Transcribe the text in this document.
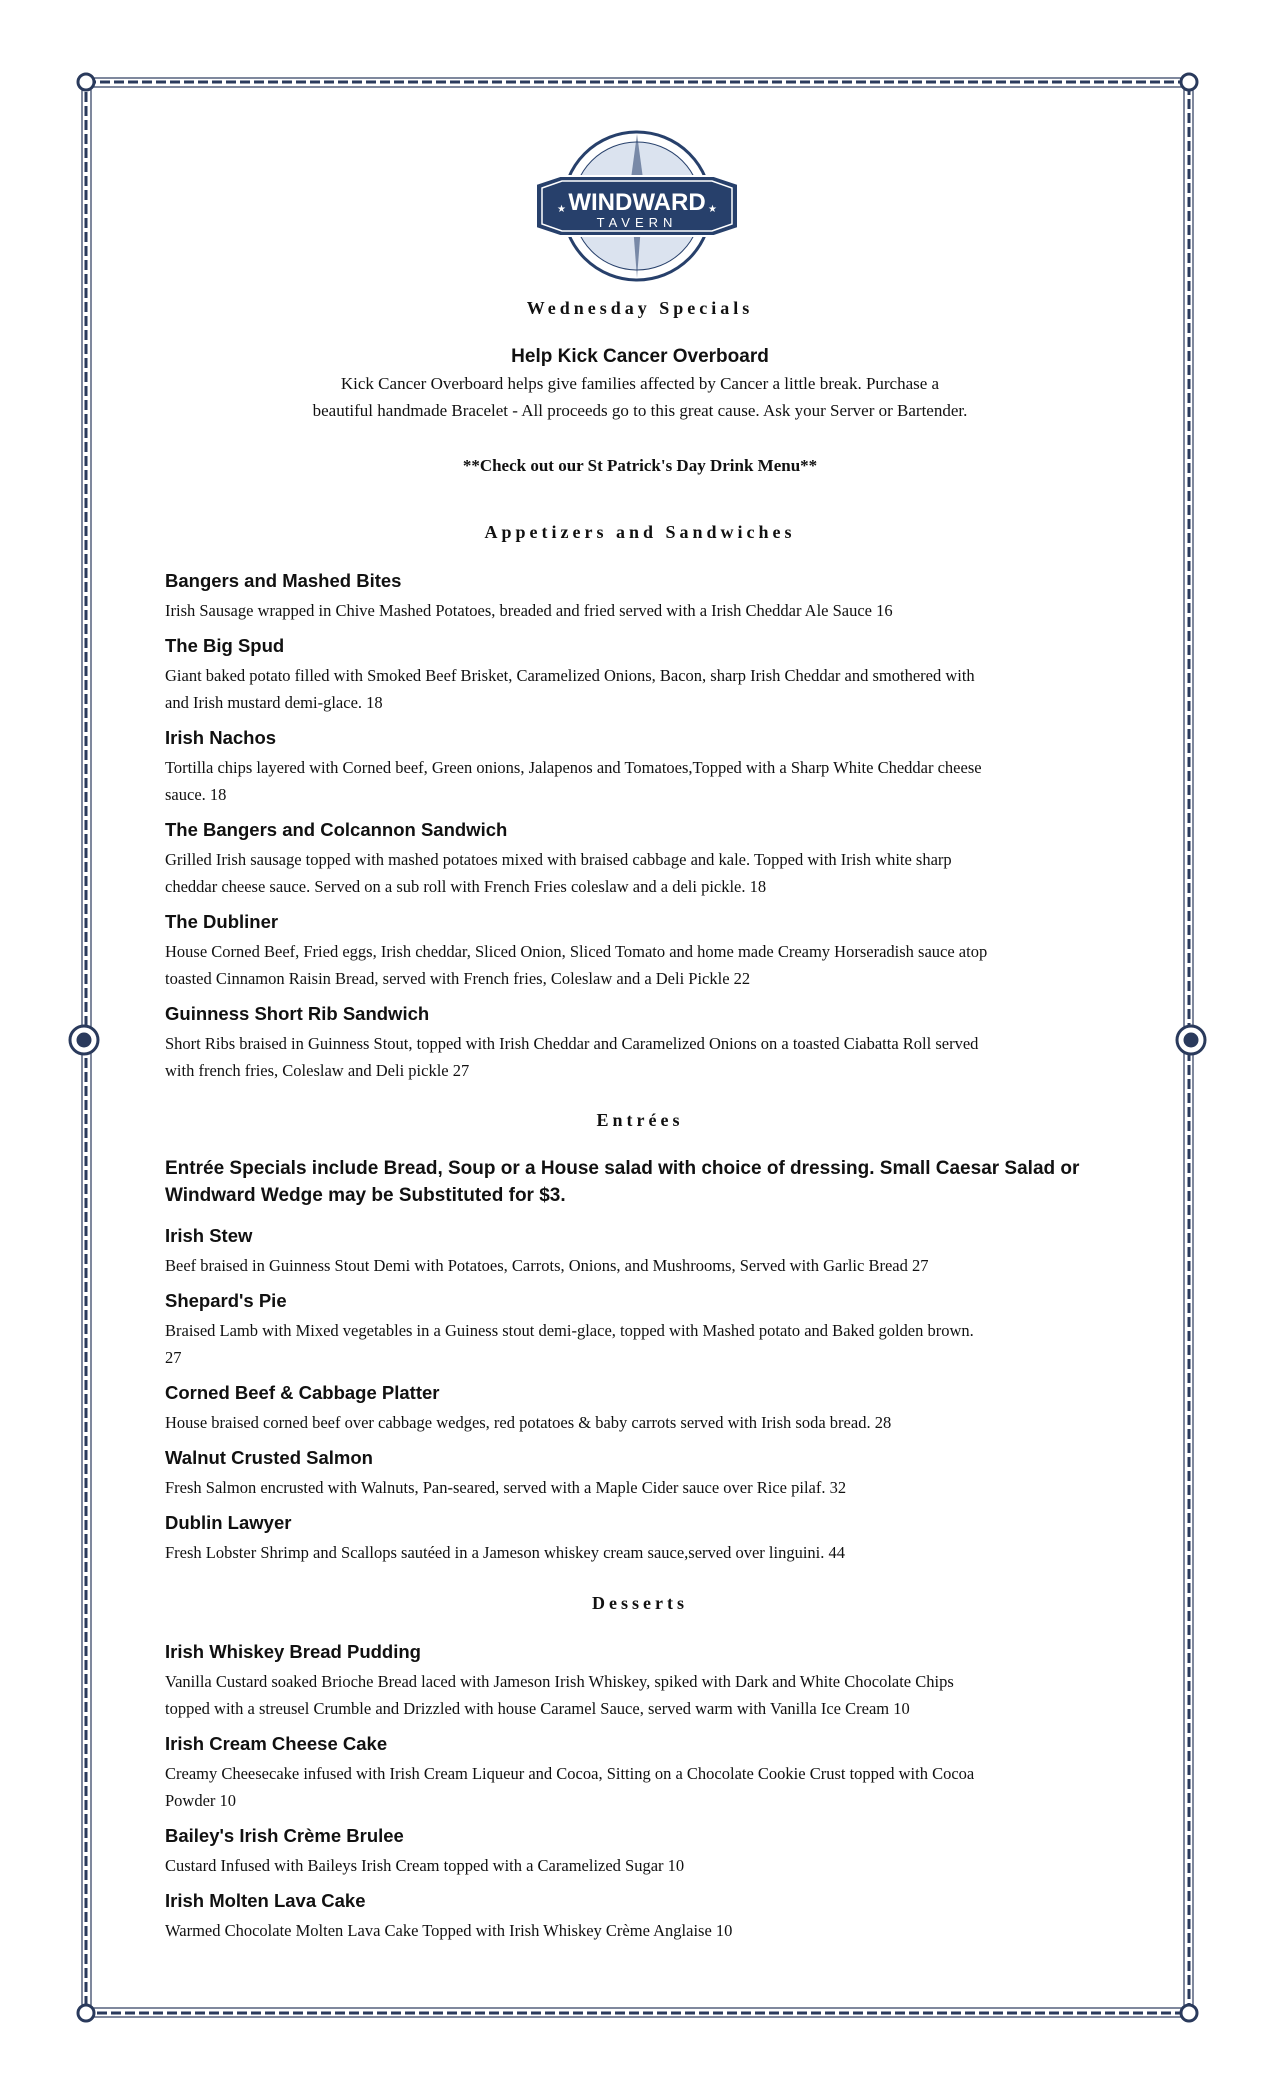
★	★
WINDWARD
TAVERN
Wednesday Specials
Help Kick Cancer Overboard
Kick Cancer Overboard helps give families affected by Cancer a little break. Purchase a
beautiful handmade Bracelet - All proceeds go to this great cause. Ask your Server or Bartender.
**Check out our St Patrick's Day Drink Menu**
Appetizers and Sandwiches
Bangers and Mashed Bites
Irish Sausage wrapped in Chive Mashed Potatoes, breaded and fried served with a Irish Cheddar Ale Sauce 16
The Big Spud
Giant baked potato filled with Smoked Beef Brisket, Caramelized Onions, Bacon, sharp Irish Cheddar and smothered with
and Irish mustard demi-glace. 18
Irish Nachos
Tortilla chips layered with Corned beef, Green onions, Jalapenos and Tomatoes,Topped with a Sharp White Cheddar cheese
sauce. 18
The Bangers and Colcannon Sandwich
Grilled Irish sausage topped with mashed potatoes mixed with braised cabbage and kale. Topped with Irish white sharp
cheddar cheese sauce. Served on a sub roll with French Fries coleslaw and a deli pickle. 18
The Dubliner
House Corned Beef, Fried eggs, Irish cheddar, Sliced Onion, Sliced Tomato and home made Creamy Horseradish sauce atop
toasted Cinnamon Raisin Bread, served with French fries, Coleslaw and a Deli Pickle 22
Guinness Short Rib Sandwich
Short Ribs braised in Guinness Stout, topped with Irish Cheddar and Caramelized Onions on a toasted Ciabatta Roll served
with french fries, Coleslaw and Deli pickle 27
Entrées
Entrée Specials include Bread, Soup or a House salad with choice of dressing. Small Caesar Salad or
Windward Wedge may be Substituted for $3.
Irish Stew
Beef braised in Guinness Stout Demi with Potatoes, Carrots, Onions, and Mushrooms, Served with Garlic Bread 27
Shepard's Pie
Braised Lamb with Mixed vegetables in a Guiness stout demi-glace, topped with Mashed potato and Baked golden brown.
27
Corned Beef & Cabbage Platter
House braised corned beef over cabbage wedges, red potatoes & baby carrots served with Irish soda bread. 28
Walnut Crusted Salmon
Fresh Salmon encrusted with Walnuts, Pan-seared, served with a Maple Cider sauce over Rice pilaf. 32
Dublin Lawyer
Fresh Lobster Shrimp and Scallops sautéed in a Jameson whiskey cream sauce,served over linguini. 44
Desserts
Irish Whiskey Bread Pudding
Vanilla Custard soaked Brioche Bread laced with Jameson Irish Whiskey, spiked with Dark and White Chocolate Chips
topped with a streusel Crumble and Drizzled with house Caramel Sauce, served warm with Vanilla Ice Cream 10
Irish Cream Cheese Cake
Creamy Cheesecake infused with Irish Cream Liqueur and Cocoa, Sitting on a Chocolate Cookie Crust topped with Cocoa
Powder 10
Bailey's Irish Crème Brulee
Custard Infused with Baileys Irish Cream topped with a Caramelized Sugar 10
Irish Molten Lava Cake
Warmed Chocolate Molten Lava Cake Topped with Irish Whiskey Crème Anglaise 10
